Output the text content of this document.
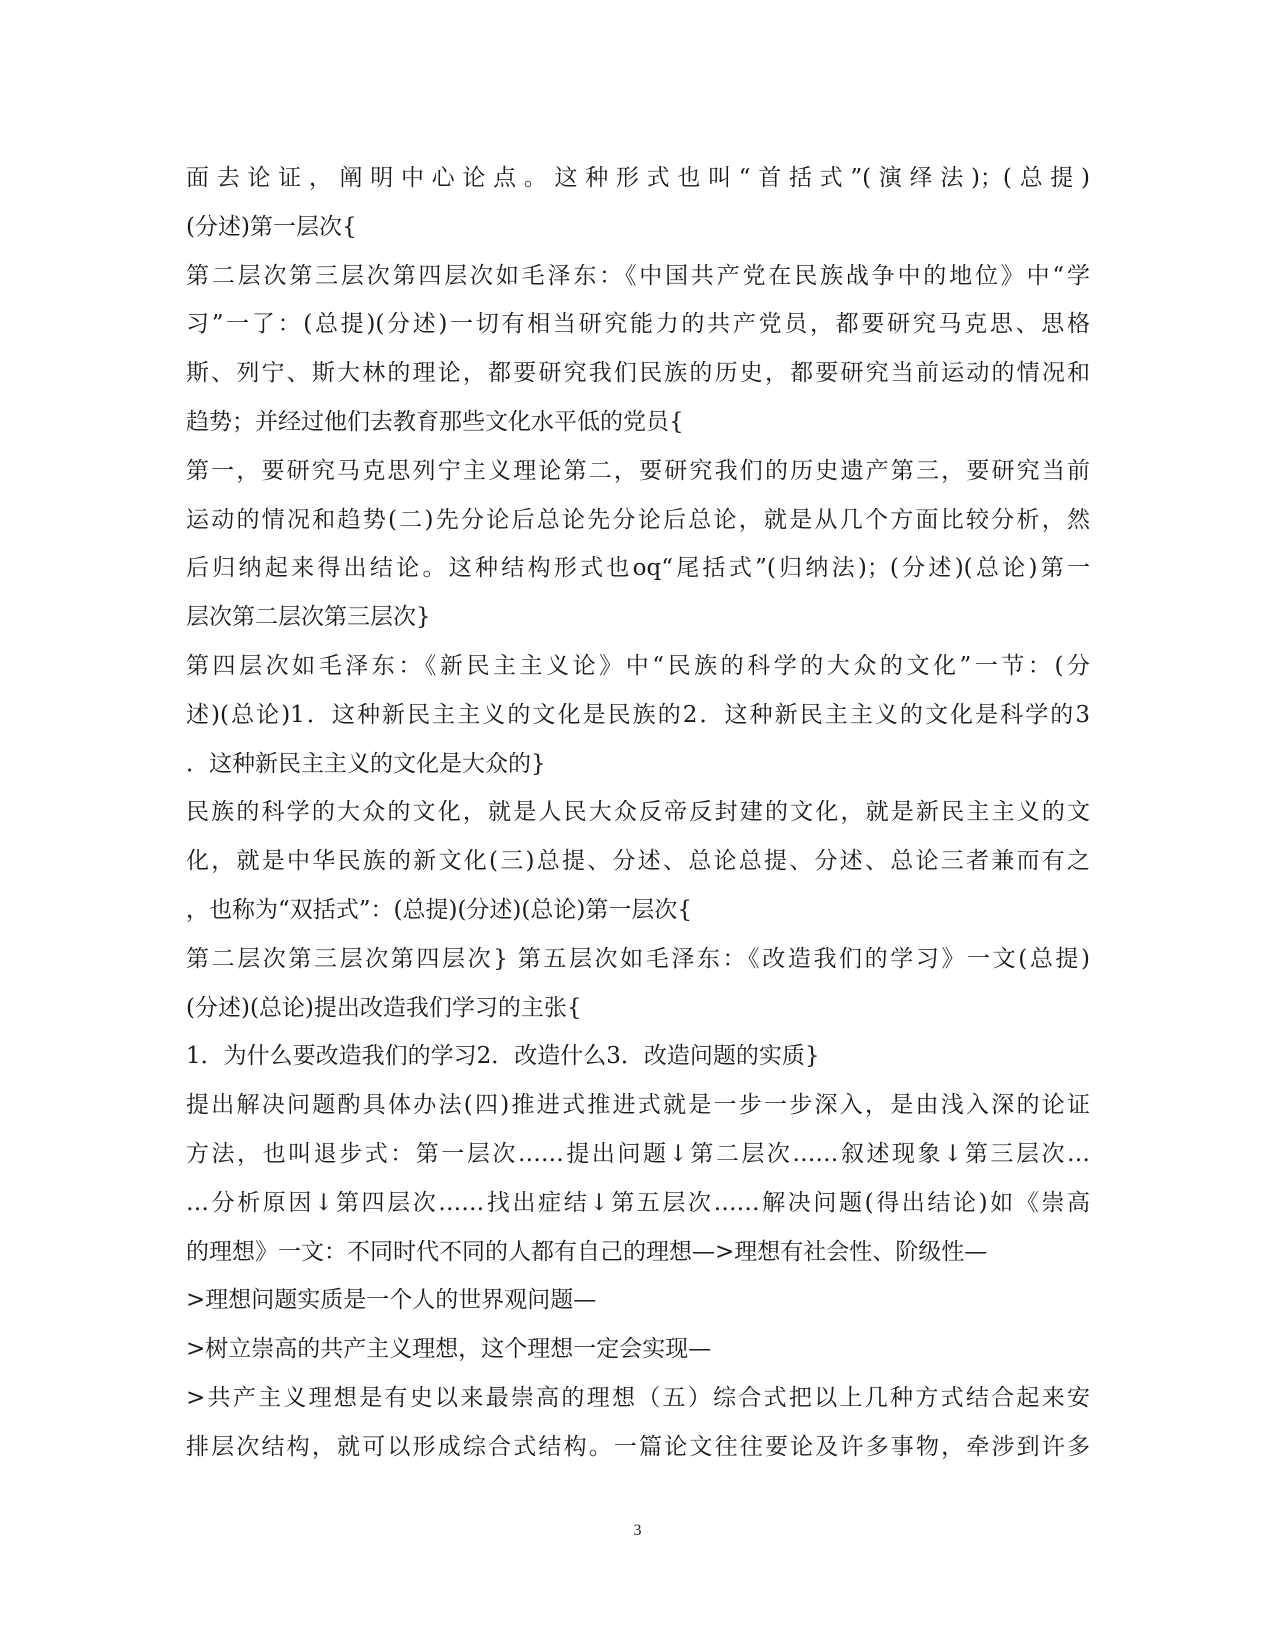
面去论证，阐明中心论点。这种形式也叫“首括式”(演绎法)；(总提)
(分述)第一层次{
第二层次第三层次第四层次如毛泽东：《中国共产党在民族战争中的地位》中“学
习”一了：(总提)(分述)一切有相当研究能力的共产党员，都要研究马克思、思格
斯、列宁、斯大林的理论，都要研究我们民族的历史，都要研究当前运动的情况和
趋势；并经过他们去教育那些文化水平低的党员{
第一，要研究马克思列宁主义理论第二，要研究我们的历史遗产第三，要研究当前
运动的情况和趋势(二)先分论后总论先分论后总论，就是从几个方面比较分析，然
后归纳起来得出结论。这种结构形式也oq“尾括式”(归纳法)；(分述)(总论)第一
层次第二层次第三层次}
第四层次如毛泽东：《新民主主义论》中“民族的科学的大众的文化”一节：(分
述)(总论)1．这种新民主主义的文化是民族的2．这种新民主主义的文化是科学的3
．这种新民主主义的文化是大众的}
民族的科学的大众的文化，就是人民大众反帝反封建的文化，就是新民主主义的文
化，就是中华民族的新文化(三)总提、分述、总论总提、分述、总论三者兼而有之
，也称为“双括式”：(总提)(分述)(总论)第一层次{
第二层次第三层次第四层次} 第五层次如毛泽东：《改造我们的学习》一文(总提)
(分述)(总论)提出改造我们学习的主张{
1．为什么要改造我们的学习2．改造什么3．改造问题的实质}
提出解决问题酌具体办法(四)推进式推进式就是一步一步深入，是由浅入深的论证
方法，也叫退步式：第一层次……提出问题↓第二层次……叙述现象↓第三层次…
…分析原因↓第四层次……找出症结↓第五层次……解决问题(得出结论)如《崇高
的理想》一文：不同时代不同的人都有自己的理想—>理想有社会性、阶级性—
>理想问题实质是一个人的世界观问题—
>树立崇高的共产主义理想，这个理想一定会实现—
>共产主义理想是有史以来最崇高的理想（五）综合式把以上几种方式结合起来安
排层次结构，就可以形成综合式结构。一篇论文往往要论及许多事物，牵涉到许多
3
